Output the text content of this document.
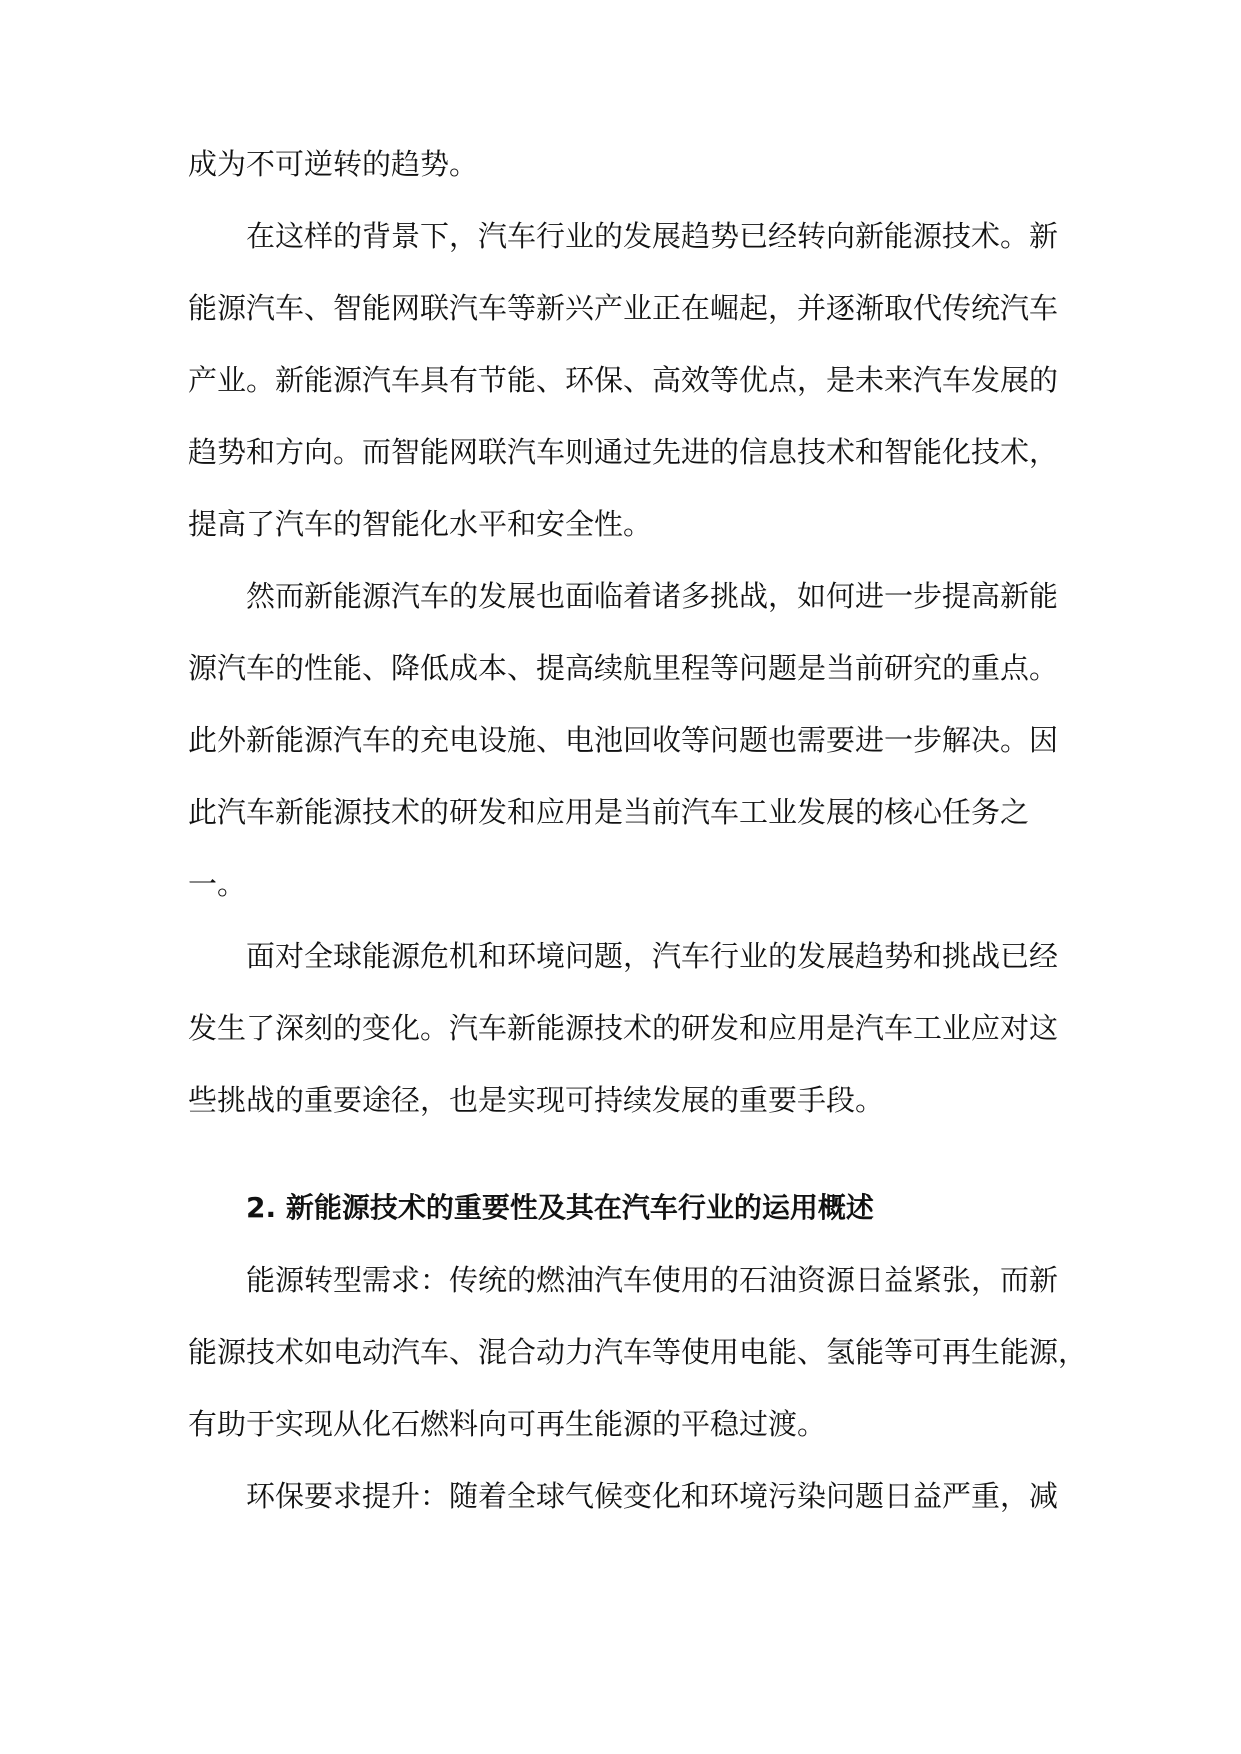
成为不可逆转的趋势。
在这样的背景下，汽车行业的发展趋势已经转向新能源技术。新
能源汽车、智能网联汽车等新兴产业正在崛起，并逐渐取代传统汽车
产业。新能源汽车具有节能、环保、高效等优点，是未来汽车发展的
趋势和方向。而智能网联汽车则通过先进的信息技术和智能化技术，
提高了汽车的智能化水平和安全性。
然而新能源汽车的发展也面临着诸多挑战，如何进一步提高新能
源汽车的性能、降低成本、提高续航里程等问题是当前研究的重点。
此外新能源汽车的充电设施、电池回收等问题也需要进一步解决。因
此汽车新能源技术的研发和应用是当前汽车工业发展的核心任务之
一。
面对全球能源危机和环境问题，汽车行业的发展趋势和挑战已经
发生了深刻的变化。汽车新能源技术的研发和应用是汽车工业应对这
些挑战的重要途径，也是实现可持续发展的重要手段。
2. 新能源技术的重要性及其在汽车行业的运用概述
能源转型需求：传统的燃油汽车使用的石油资源日益紧张，而新
能源技术如电动汽车、混合动力汽车等使用电能、氢能等可再生能源，
有助于实现从化石燃料向可再生能源的平稳过渡。
环保要求提升：随着全球气候变化和环境污染问题日益严重，减
